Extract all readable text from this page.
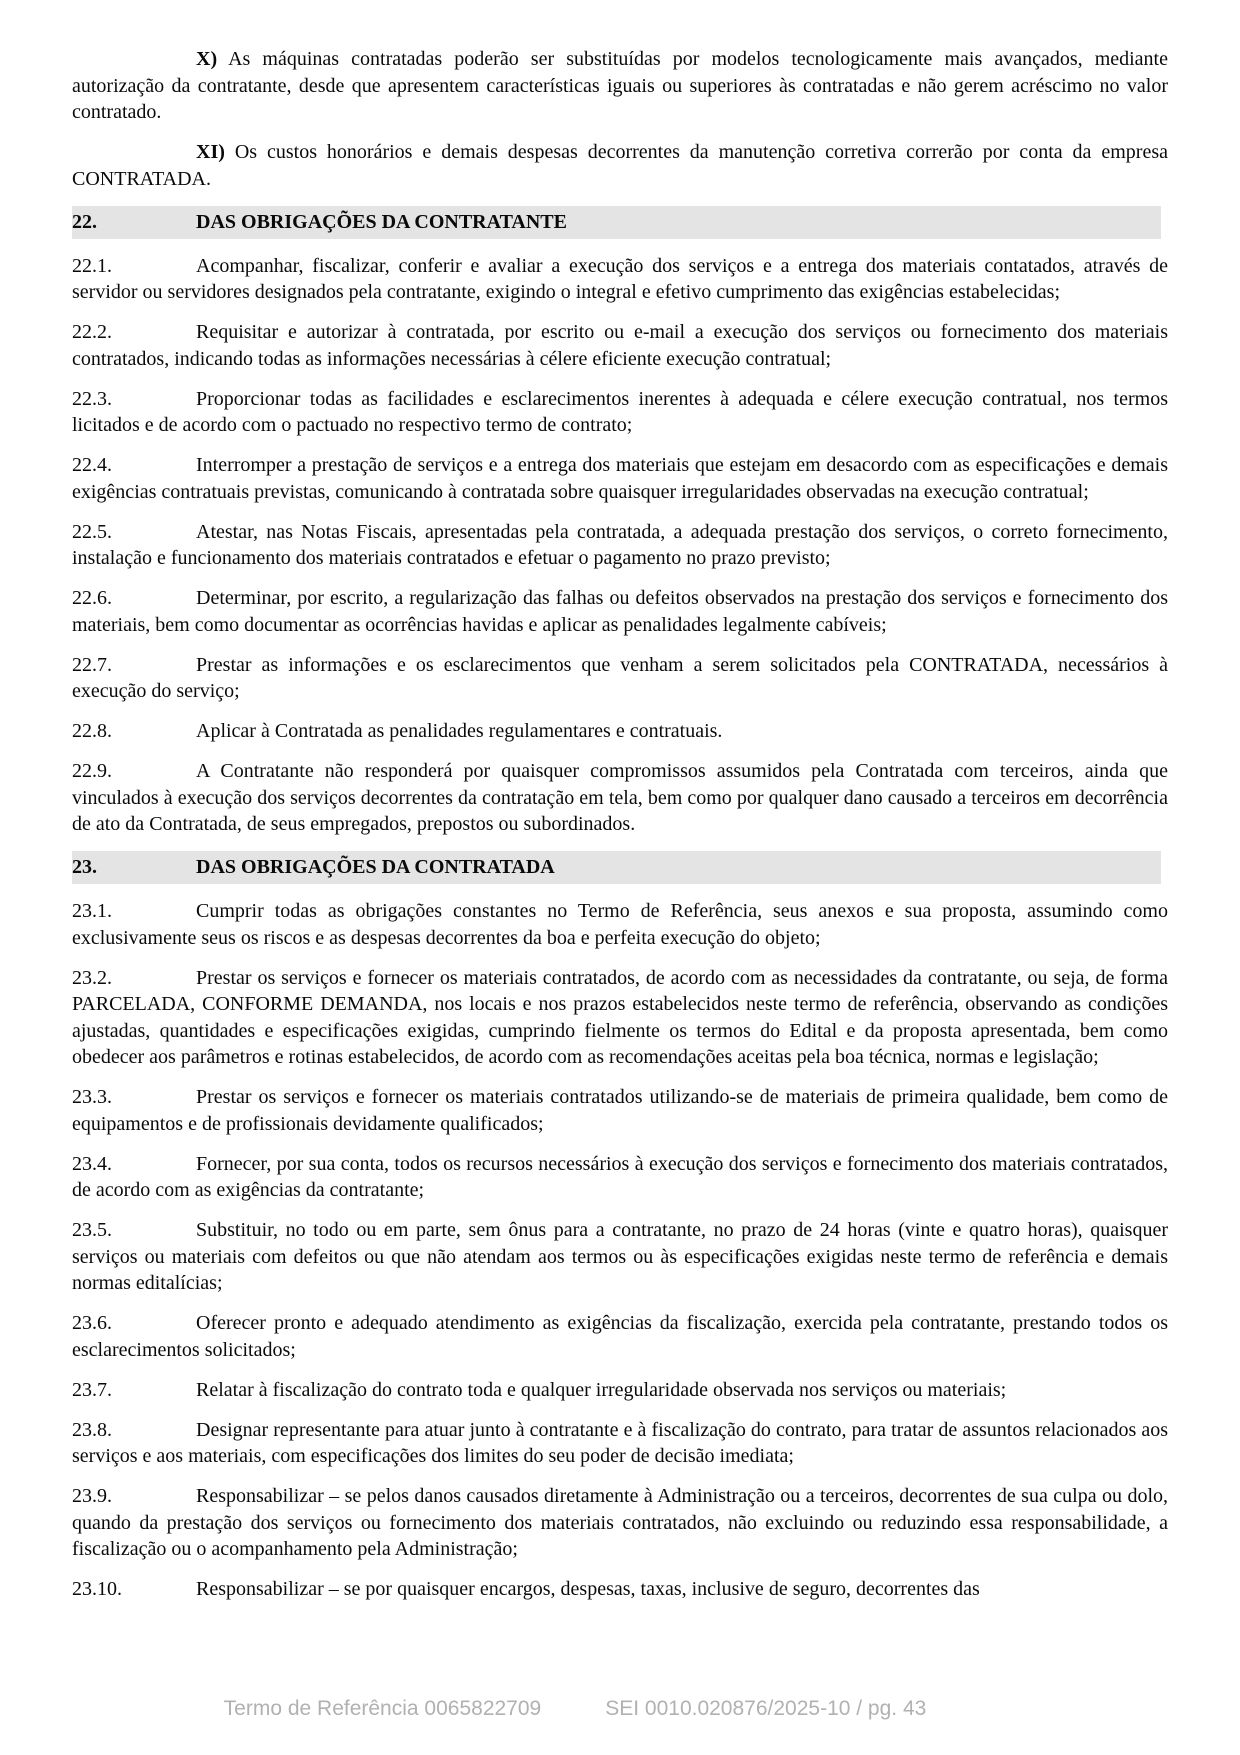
X) As máquinas contratadas poderão ser substituídas por modelos tecnologicamente mais avançados, mediante autorização da contratante, desde que apresentem características iguais ou superiores às contratadas e não gerem acréscimo no valor contratado.

XI) Os custos honorários e demais despesas decorrentes da manutenção corretiva correrão por conta da empresa CONTRATADA.

22.	DAS OBRIGAÇÕES DA CONTRATANTE

22.1.	Acompanhar, fiscalizar, conferir e avaliar a execução dos serviços e a entrega dos materiais contatados, através de servidor ou servidores designados pela contratante, exigindo o integral e efetivo cumprimento das exigências estabelecidas;

22.2.	Requisitar e autorizar à contratada, por escrito ou e-mail a execução dos serviços ou fornecimento dos materiais contratados, indicando todas as informações necessárias à célere eficiente execução contratual;

22.3.	Proporcionar todas as facilidades e esclarecimentos inerentes à adequada e célere execução contratual, nos termos licitados e de acordo com o pactuado no respectivo termo de contrato;

22.4.	Interromper a prestação de serviços e a entrega dos materiais que estejam em desacordo com as especificações e demais exigências contratuais previstas, comunicando à contratada sobre quaisquer irregularidades observadas na execução contratual;

22.5.	Atestar, nas Notas Fiscais, apresentadas pela contratada, a adequada prestação dos serviços, o correto fornecimento, instalação e funcionamento dos materiais contratados e efetuar o pagamento no prazo previsto;

22.6.	Determinar, por escrito, a regularização das falhas ou defeitos observados na prestação dos serviços e fornecimento dos materiais, bem como documentar as ocorrências havidas e aplicar as penalidades legalmente cabíveis;

22.7.	Prestar as informações e os esclarecimentos que venham a serem solicitados pela CONTRATADA, necessários à execução do serviço;

22.8.	Aplicar à Contratada as penalidades regulamentares e contratuais.

22.9.	A Contratante não responderá por quaisquer compromissos assumidos pela Contratada com terceiros, ainda que vinculados à execução dos serviços decorrentes da contratação em tela, bem como por qualquer dano causado a terceiros em decorrência de ato da Contratada, de seus empregados, prepostos ou subordinados.

23.	DAS OBRIGAÇÕES DA CONTRATADA

23.1.	Cumprir todas as obrigações constantes no Termo de Referência, seus anexos e sua proposta, assumindo como exclusivamente seus os riscos e as despesas decorrentes da boa e perfeita execução do objeto;

23.2.	Prestar os serviços e fornecer os materiais contratados, de acordo com as necessidades da contratante, ou seja, de forma PARCELADA, CONFORME DEMANDA, nos locais e nos prazos estabelecidos neste termo de referência, observando as condições ajustadas, quantidades e especificações exigidas, cumprindo fielmente os termos do Edital e da proposta apresentada, bem como obedecer aos parâmetros e rotinas estabelecidos, de acordo com as recomendações aceitas pela boa técnica, normas e legislação;

23.3.	Prestar os serviços e fornecer os materiais contratados utilizando-se de materiais de primeira qualidade, bem como de equipamentos e de profissionais devidamente qualificados;

23.4.	Fornecer, por sua conta, todos os recursos necessários à execução dos serviços e fornecimento dos materiais contratados, de acordo com as exigências da contratante;

23.5.	Substituir, no todo ou em parte, sem ônus para a contratante, no prazo de 24 horas (vinte e quatro horas), quaisquer serviços ou materiais com defeitos ou que não atendam aos termos ou às especificações exigidas neste termo de referência e demais normas editalícias;

23.6.	Oferecer pronto e adequado atendimento as exigências da fiscalização, exercida pela contratante, prestando todos os esclarecimentos solicitados;

23.7.	Relatar à fiscalização do contrato toda e qualquer irregularidade observada nos serviços ou materiais;

23.8.	Designar representante para atuar junto à contratante e à fiscalização do contrato, para tratar de assuntos relacionados aos serviços e aos materiais, com especificações dos limites do seu poder de decisão imediata;

23.9.	Responsabilizar – se pelos danos causados diretamente à Administração ou a terceiros, decorrentes de sua culpa ou dolo, quando da prestação dos serviços ou fornecimento dos materiais contratados, não excluindo ou reduzindo essa responsabilidade, a fiscalização ou o acompanhamento pela Administração;

23.10.	Responsabilizar – se por quaisquer encargos, despesas, taxas, inclusive de seguro, decorrentes das

Termo de Referência 0065822709	SEI 0010.020876/2025-10 / pg. 43
